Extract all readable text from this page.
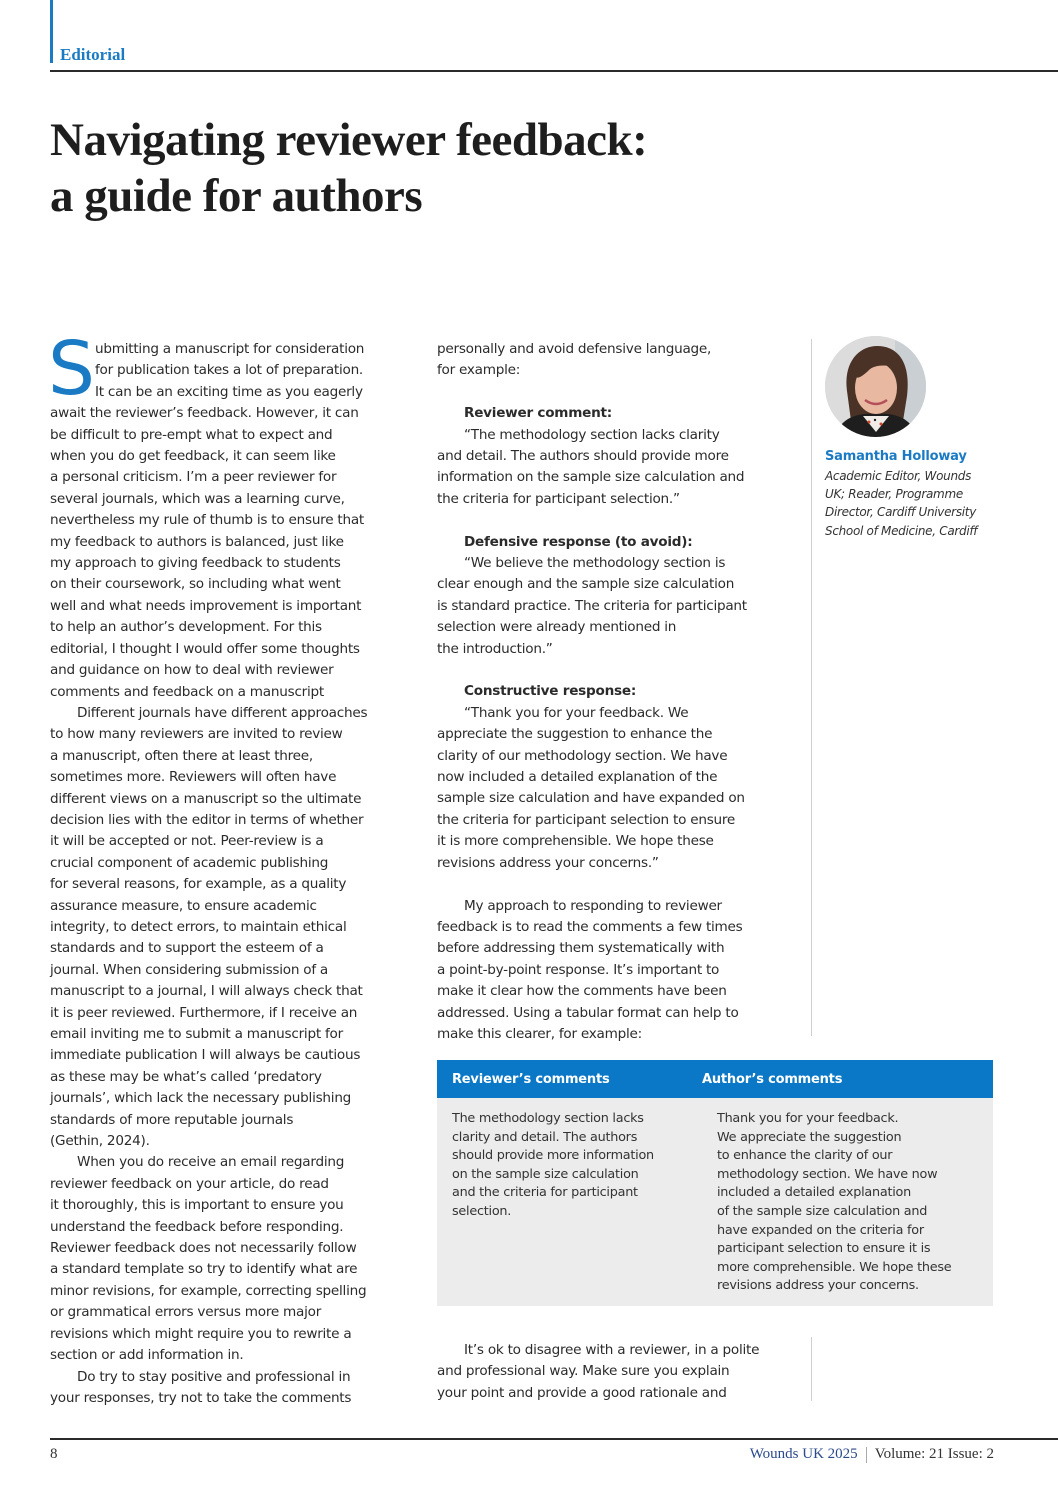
Editorial
Navigating reviewer feedback:
a guide for authors
S ubmitting a manuscript for consideration
for publication takes a lot of preparation.
It can be an exciting time as you eagerly
await the reviewer’s feedback. However, it can
be difficult to pre-empt what to expect and
when you do get feedback, it can seem like
a personal criticism. I’m a peer reviewer for
several journals, which was a learning curve,
nevertheless my rule of thumb is to ensure that
my feedback to authors is balanced, just like
my approach to giving feedback to students
on their coursework, so including what went
well and what needs improvement is important
to help an author’s development. For this
editorial, I thought I would offer some thoughts
and guidance on how to deal with reviewer
comments and feedback on a manuscript
Different journals have different approaches
to how many reviewers are invited to review
a manuscript, often there at least three,
sometimes more. Reviewers will often have
different views on a manuscript so the ultimate
decision lies with the editor in terms of whether
it will be accepted or not. Peer-review is a
crucial component of academic publishing
for several reasons, for example, as a quality
assurance measure, to ensure academic
integrity, to detect errors, to maintain ethical
standards and to support the esteem of a
journal. When considering submission of a
manuscript to a journal, I will always check that
it is peer reviewed. Furthermore, if I receive an
email inviting me to submit a manuscript for
immediate publication I will always be cautious
as these may be what’s called ‘predatory
journals’, which lack the necessary publishing
standards of more reputable journals
(Gethin, 2024).
When you do receive an email regarding
reviewer feedback on your article, do read
it thoroughly, this is important to ensure you
understand the feedback before responding.
Reviewer feedback does not necessarily follow
a standard template so try to identify what are
minor revisions, for example, correcting spelling
or grammatical errors versus more major
revisions which might require you to rewrite a
section or add information in.
Do try to stay positive and professional in
your responses, try not to take the comments
personally and avoid defensive language,
for example:
Reviewer comment:
“The methodology section lacks clarity
and detail. The authors should provide more
information on the sample size calculation and
the criteria for participant selection.”
Defensive response (to avoid):
“We believe the methodology section is
clear enough and the sample size calculation
is standard practice. The criteria for participant
selection were already mentioned in
the introduction.”
Constructive response:
“Thank you for your feedback. We
appreciate the suggestion to enhance the
clarity of our methodology section. We have
now included a detailed explanation of the
sample size calculation and have expanded on
the criteria for participant selection to ensure
it is more comprehensible. We hope these
revisions address your concerns.”
My approach to responding to reviewer
feedback is to read the comments a few times
before addressing them systematically with
a point-by-point response. It’s important to
make it clear how the comments have been
addressed. Using a tabular format can help to
make this clearer, for example:
Samantha Holloway
Academic Editor, Wounds
UK; Reader, Programme
Director, Cardiff University
School of Medicine, Cardiff
Reviewer’s comments	Author’s comments
The methodology section lacks
clarity and detail. The authors
should provide more information
on the sample size calculation
and the criteria for participant
selection.
Thank you for your feedback.
We appreciate the suggestion
to enhance the clarity of our
methodology section. We have now
included a detailed explanation
of the sample size calculation and
have expanded on the criteria for
participant selection to ensure it is
more comprehensible. We hope these
revisions address your concerns.
It’s ok to disagree with a reviewer, in a polite
and professional way. Make sure you explain
your point and provide a good rationale and
8	Wounds UK 2025 Volume: 21 Issue: 2
